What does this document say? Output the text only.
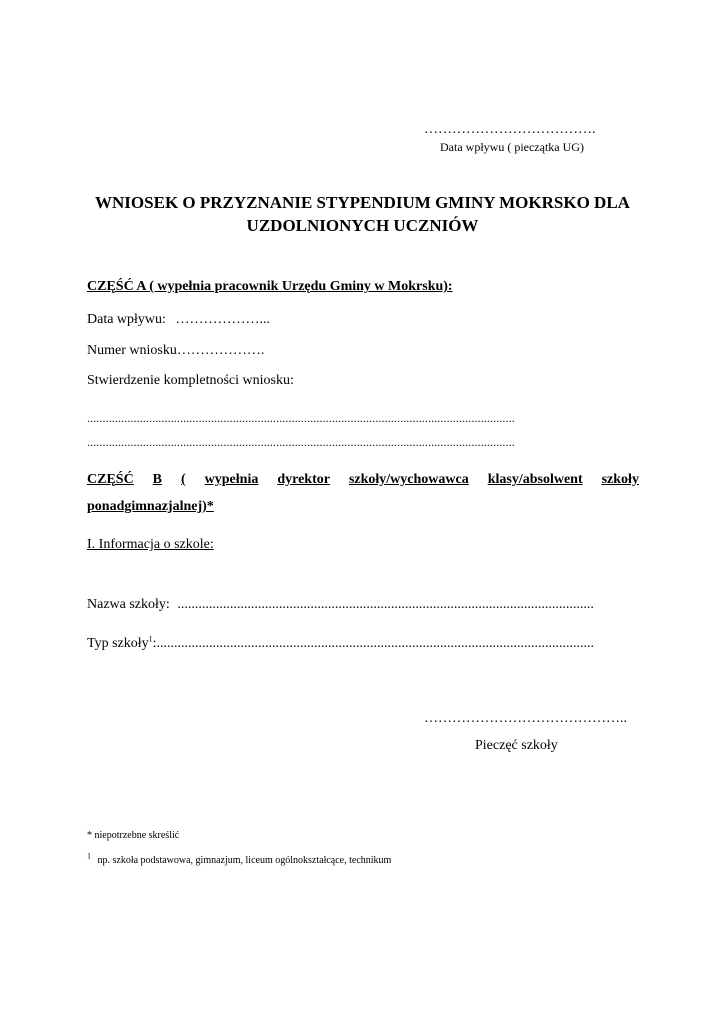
……………………………….
Data wpływu ( pieczątka UG)
WNIOSEK O PRZYZNANIE STYPENDIUM GMINY MOKRSKO DLA
UZDOLNIONYCH UCZNIÓW
CZĘŚĆ A ( wypełnia pracownik Urzędu Gminy w Mokrsku):
Data wpływu: ………………...
Numer wniosku……………….
Stwierdzenie kompletności wniosku:
..........................................................................................................................................
..........................................................................................................................................
CZĘŚĆ B ( wypełnia dyrektor szkoły/wychowawca klasy/absolwent szkoły
ponadgimnazjalnej)*
I. Informacja o szkole:
Nazwa szkoły: .......................................................................................................................
Typ szkoły$^1$:.............................................................................................................................
……………………………………..
Pieczęć szkoły
* niepotrzebne skreślić
$^1$ np. szkoła podstawowa, gimnazjum, liceum ogólnokształcące, technikum
